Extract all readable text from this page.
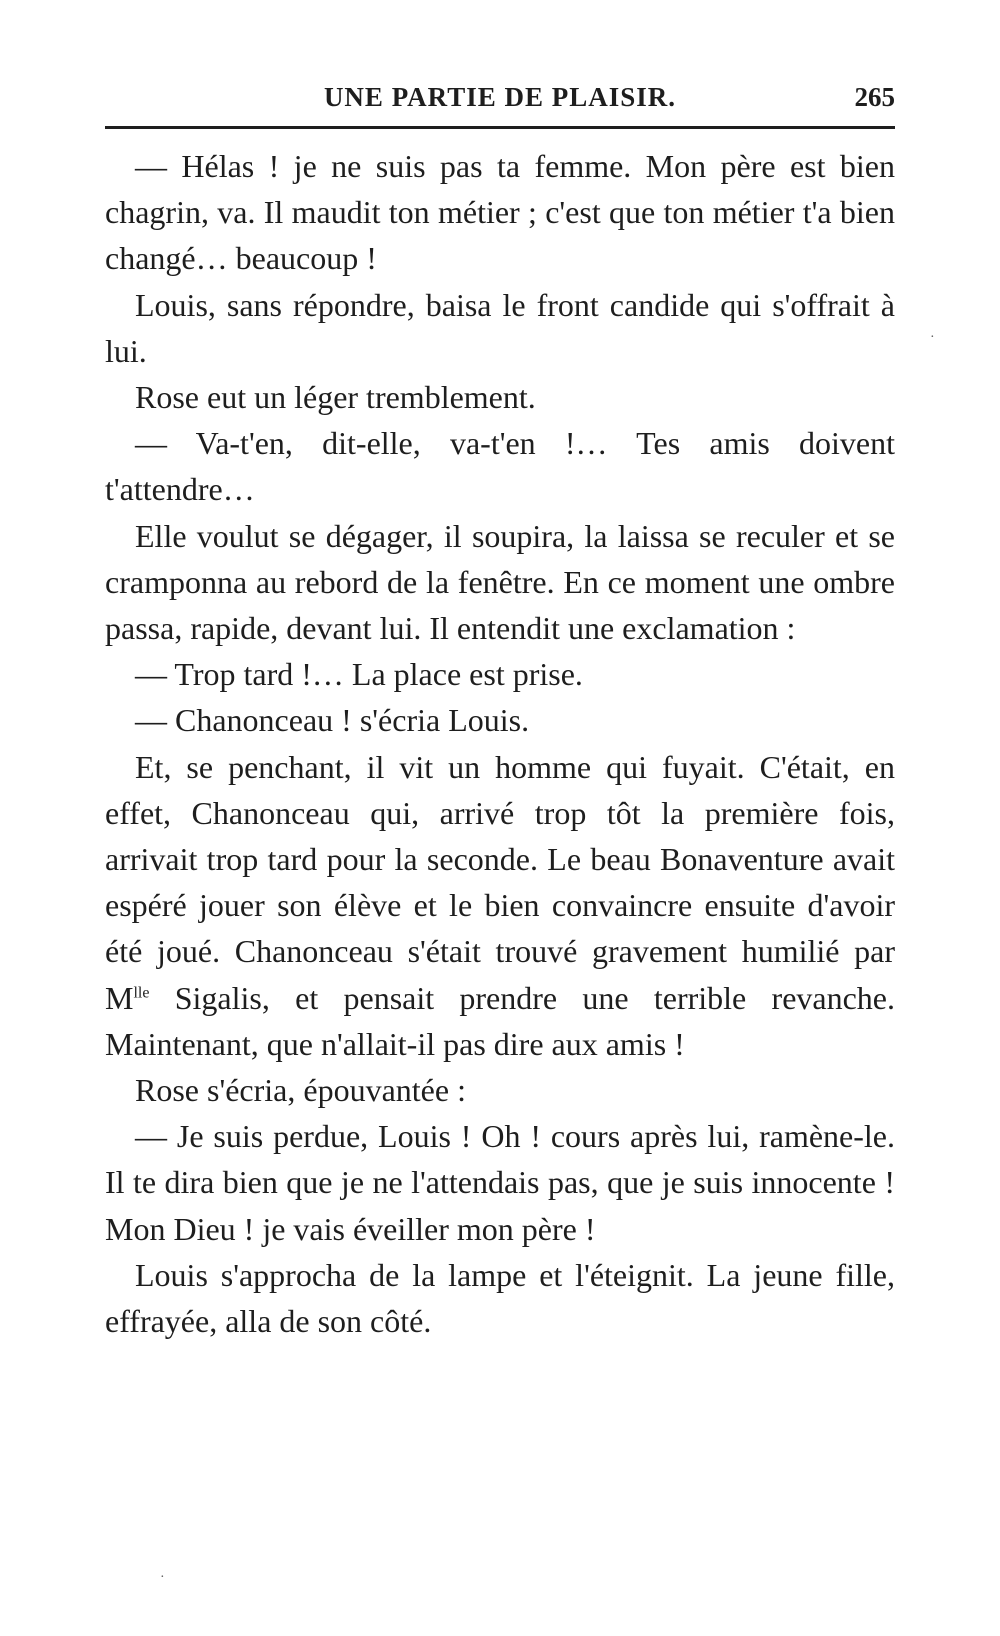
UNE PARTIE DE PLAISIR.	265

— Hélas ! je ne suis pas ta femme. Mon père est bien chagrin, va. Il maudit ton métier ; c'est que ton métier t'a bien changé… beaucoup !

Louis, sans répondre, baisa le front candide qui s'offrait à lui.

Rose eut un léger tremblement.

— Va-t'en, dit-elle, va-t'en !… Tes amis doivent t'attendre…

Elle voulut se dégager, il soupira, la laissa se reculer et se cramponna au rebord de la fenêtre. En ce moment une ombre passa, rapide, devant lui. Il entendit une exclamation :

— Trop tard !… La place est prise.

— Chanonceau ! s'écria Louis.

Et, se penchant, il vit un homme qui fuyait. C'était, en effet, Chanonceau qui, arrivé trop tôt la première fois, arrivait trop tard pour la seconde. Le beau Bonaventure avait espéré jouer son élève et le bien convaincre ensuite d'avoir été joué. Chanonceau s'était trouvé gravement humilié par $M^{lle}$ Sigalis, et pensait prendre une terrible revanche. Maintenant, que n'allait-il pas dire aux amis !

Rose s'écria, épouvantée :

— Je suis perdue, Louis ! Oh ! cours après lui, ramène-le. Il te dira bien que je ne l'attendais pas, que je suis innocente ! Mon Dieu ! je vais éveiller mon père !

Louis s'approcha de la lampe et l'éteignit. La jeune fille, effrayée, alla de son côté.

·
·
